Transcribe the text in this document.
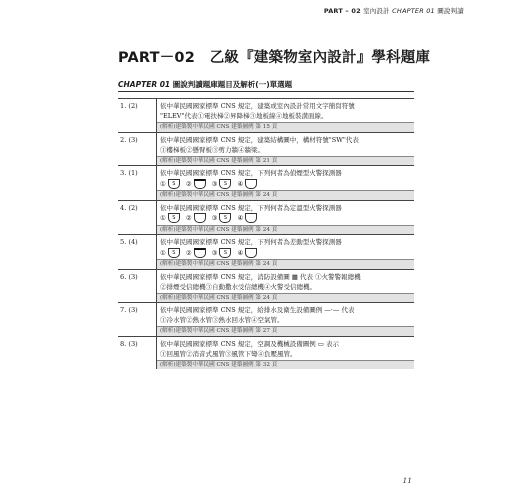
PART – 02 室內設計 CHAPTER 01 圖說判讀
PART－02　乙級『建築物室內設計』學科題庫
CHAPTER 01 圖說判讀題庫題目及解析(一)單選題
1. (2)	依中華民國國家標準 CNS 規定，建築或室內設計常用文字簡寫符號
"ELEV"代表①電扶梯②昇降梯③地板線④地板裝潢面線。
(解析)建築製中華民國 CNS 建築圖例 第 15 頁
2. (3)	依中華民國國家標準 CNS 規定，建築結構圖中，構材符號"SW"代表
①樓梯板②懸臂板③剪力牆④牆梁。
(解析)建築製中華民國 CNS 建築圖例 第 21 頁
3. (1)	依中華民國國家標準 CNS 規定，下列何者為偵煙型火警探測器
①	S	②	③	S	④
(解析)建築製中華民國 CNS 建築圖例 第 24 頁
4. (2)	依中華民國國家標準 CNS 規定，下列何者為定溫型火警探測器
①	S	②	③	S	④
(解析)建築製中華民國 CNS 建築圖例 第 24 頁
5. (4)	依中華民國國家標準 CNS 規定，下列何者為差動型火警探測器
①	S	②	③	S	④
(解析)建築製中華民國 CNS 建築圖例 第 24 頁
6. (3)	依中華民國國家標準 CNS 規定，消防設備圖 ▦ 代表 ①火警警報總機
②排煙受信總機③自動撒水受信總機④火警受信總機。
(解析)建築製中華民國 CNS 建築圖例 第 24 頁
7. (3)	依中華民國國家標準 CNS 規定，給排水及衛生設備圖例 —·— 代表
①冷水管②熱水管③熱水回水管④空氣管。
(解析)建築製中華民國 CNS 建築圖例 第 27 頁
8. (3)	依中華民國國家標準 CNS 規定，空調及機械設備圖例 ▭ 表示
①回風管②消音式風管③風管下彎④負壓風管。
(解析)建築製中華民國 CNS 建築圖例 第 32 頁
11
